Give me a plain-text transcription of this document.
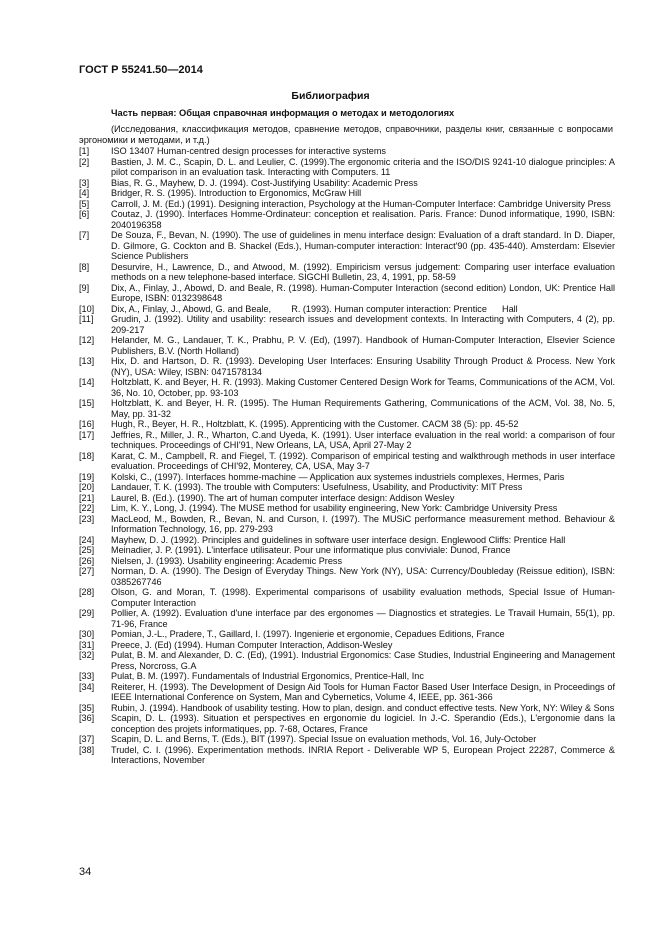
ГОСТ Р 55241.50—2014
Библиография
Часть первая: Общая справочная информация о методах и методологиях
(Исследования, классификация методов, сравнение методов, справочники, разделы книг, связанные с вопросами эргономики и методами, и т.д.)
[1]	ISO 13407 Human-centred design processes for interactive systems
[2]	Bastien, J. M. C., Scapin, D. L. and Leulier, C. (1999).The ergonomic criteria and the ISO/DIS 9241-10 dialogue principles: A pilot comparison in an evaluation task. Interacting with Computers. 11
[3]	Bias, R. G., Mayhew, D. J. (1994). Cost-Justifying Usability: Academic Press
[4]	Bridger, R. S. (1995). Introduction to Ergonomics, McGraw Hill
[5]	Carroll, J. M. (Ed.) (1991). Designing interaction, Psychology at the Human-Computer Interface: Cambridge University Press
[6]	Coutaz, J. (1990). Interfaces Homme-Ordinateur: conception et realisation. Paris. France: Dunod informatique, 1990, ISBN: 2040196358
[7]	De Souza, F., Bevan, N. (1990). The use of guidelines in menu interface design: Evaluation of a draft standard. In D. Diaper, D. Gilmore, G. Cockton and B. Shackel (Eds.), Human-computer interaction: Interact'90 (pp. 435-440). Amsterdam: Elsevier Science Publishers
[8]	Desurvire, H., Lawrence, D., and Atwood, M. (1992). Empiricism versus judgement: Comparing user interface evaluation methods on a new telephone-based interface. SIGCHI Bulletin, 23, 4, 1991, pp. 58-59
[9]	Dix, A., Finlay, J., Abowd, D. and Beale, R. (1998). Human-Computer Interaction (second edition) London, UK: Prentice Hall Europe, ISBN: 0132398648
[10]	Dix, A., Finlay, J., Abowd, G. and Beale,        R. (1993). Human computer interaction: Prentice      Hall
[11]	Grudin, J. (1992). Utility and usability: research issues and development contexts. In Interacting with Computers, 4 (2), pp. 209-217
[12]	Helander, M. G., Landauer, T. K., Prabhu, P. V. (Ed), (1997). Handbook of Human-Computer Interaction, Elsevier Science Publishers, B.V. (North Holland)
[13]	Hix, D. and Hartson, D. R. (1993). Developing User Interfaces: Ensuring Usability Through Product & Process. New York (NY), USA: Wiley, ISBN: 0471578134
[14]	Holtzblatt, K. and Beyer, H. R. (1993). Making Customer Centered Design Work for Teams, Communications of the ACM, Vol. 36, No. 10, October, pp. 93-103
[15]	Holtzblatt, K. and Beyer, H. R. (1995). The Human Requirements Gathering, Communications of the ACM, Vol. 38, No. 5, May, pp. 31-32
[16]	Hugh, R., Beyer, H. R., Holtzblatt, K. (1995). Apprenticing with the Customer. CACM 38 (5): pp. 45-52
[17]	Jeffries, R., Miller, J. R., Wharton, C.and Uyeda, K. (1991). User interface evaluation in the real world: a comparison of four techniques. Proceedings of CHI'91, New Orleans, LA, USA, April 27-May 2
[18]	Karat, C. M., Campbell, R. and Fiegel, T. (1992). Comparison of empirical testing and walkthrough methods in user interface evaluation. Proceedings of CHI'92, Monterey, CA, USA, May 3-7
[19]	Kolski, C., (1997). Interfaces homme-machine — Application aux systemes industriels complexes, Hermes, Paris
[20]	Landauer, T. K. (1993). The trouble with Computers: Usefulness, Usability, and Productivity: MIT Press
[21]	Laurel, B. (Ed.). (1990). The art of human computer interface design: Addison Wesley
[22]	Lim, K. Y., Long, J. (1994). The MUSE method for usability engineering, New York: Cambridge University Press
[23]	MacLeod, M., Bowden, R., Bevan, N. and Curson, I. (1997). The MUSiC performance measurement method. Behaviour & Information Technology, 16, pp. 279-293
[24]	Mayhew, D. J. (1992). Principles and guidelines in software user interface design. Englewood Cliffs: Prentice Hall
[25]	Meinadier, J. P. (1991). L'interface utilisateur. Pour une informatique plus conviviale: Dunod, France
[26]	Nielsen, J. (1993). Usability engineering: Academic Press
[27]	Norman, D. A. (1990). The Design of Everyday Things. New York (NY), USA: Currency/Doubleday (Reissue edition), ISBN: 0385267746
[28]	Olson, G. and Moran, T. (1998). Experimental comparisons of usability evaluation methods, Special Issue of Human-Computer Interaction
[29]	Pollier, A. (1992). Evaluation d'une interface par des ergonomes — Diagnostics et strategies. Le Travail Humain, 55(1), pp. 71-96, France
[30]	Pomian, J.-L., Pradere, T., Gaillard, I. (1997). Ingenierie et ergonomie, Cepadues Editions, France
[31]	Preece, J. (Ed) (1994). Human Computer Interaction, Addison-Wesley
[32]	Pulat, B. M. and Alexander, D. C. (Ed), (1991). Industrial Ergonomics: Case Studies, Industrial Engineering and Management Press, Norcross, G.A
[33]	Pulat, B. M. (1997). Fundamentals of Industrial Ergonomics, Prentice-Hall, Inc
[34]	Reiterer, H. (1993). The Development of Design Aid Tools for Human Factor Based User Interface Design, in Proceedings of IEEE International Conference on System, Man and Cybernetics, Volume 4, IEEE, pp. 361-366
[35]	Rubin, J. (1994). Handbook of usability testing. How to plan, design. and conduct effective tests. New York, NY: Wiley & Sons
[36]	Scapin, D. L. (1993). Situation et perspectives en ergonomie du logiciel. In J.-C. Sperandio (Eds.), L'ergonomie dans la conception des projets informatiques, pp. 7-68, Octares, France
[37]	Scapin, D. L. and Berns, T. (Eds.), BIT (1997). Special Issue on evaluation methods, Vol. 16, July-October
[38]	Trudel, C. I. (1996). Experimentation methods. INRIA Report - Deliverable WP 5, European Project 22287, Commerce & Interactions, November
34
